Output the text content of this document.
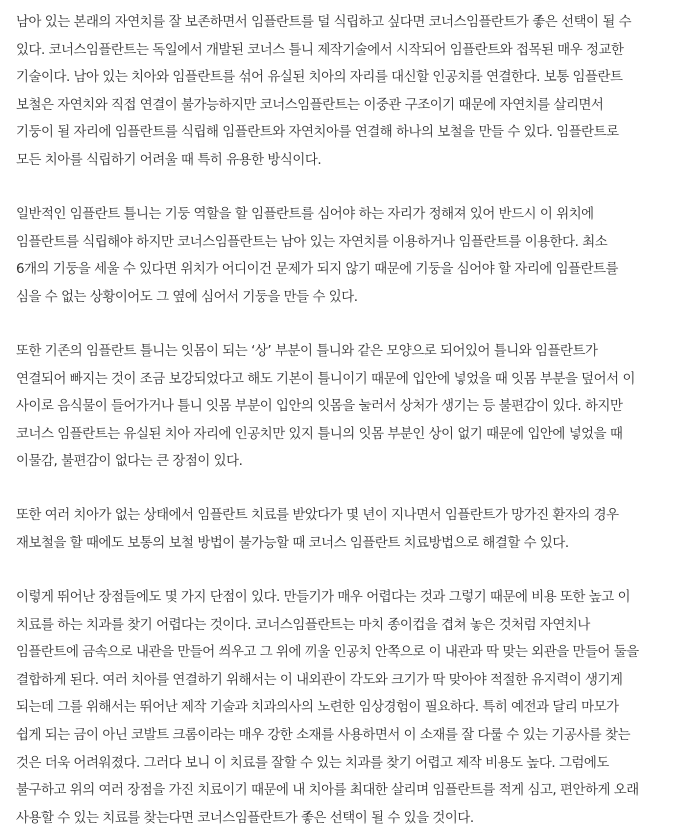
남아 있는 본래의 자연치를 잘 보존하면서 임플란트를 덜 식립하고 싶다면 코너스임플란트가 좋은 선택이 될 수
있다. 코너스임플란트는 독일에서 개발된 코너스 틀니 제작기술에서 시작되어 임플란트와 접목된 매우 정교한
기술이다. 남아 있는 치아와 임플란트를 섞어 유실된 치아의 자리를 대신할 인공치를 연결한다. 보통 임플란트
보철은 자연치와 직접 연결이 불가능하지만 코너스임플란트는 이중관 구조이기 때문에 자연치를 살리면서
기둥이 될 자리에 임플란트를 식립해 임플란트와 자연치아를 연결해 하나의 보철을 만들 수 있다. 임플란트로
모든 치아를 식립하기 어려울 때 특히 유용한 방식이다.
일반적인 임플란트 틀니는 기둥 역할을 할 임플란트를 심어야 하는 자리가 정해져 있어 반드시 이 위치에
임플란트를 식립해야 하지만 코너스임플란트는 남아 있는 자연치를 이용하거나 임플란트를 이용한다. 최소
6개의 기둥을 세울 수 있다면 위치가 어디이건 문제가 되지 않기 때문에 기둥을 심어야 할 자리에 임플란트를
심을 수 없는 상황이어도 그 옆에 심어서 기둥을 만들 수 있다.
또한 기존의 임플란트 틀니는 잇몸이 되는 ‘상’ 부분이 틀니와 같은 모양으로 되어있어 틀니와 임플란트가
연결되어 빠지는 것이 조금 보강되었다고 해도 기본이 틀니이기 때문에 입안에 넣었을 때 잇몸 부분을 덮어서 이
사이로 음식물이 들어가거나 틀니 잇몸 부분이 입안의 잇몸을 눌러서 상처가 생기는 등 불편감이 있다. 하지만
코너스 임플란트는 유실된 치아 자리에 인공치만 있지 틀니의 잇몸 부분인 상이 없기 때문에 입안에 넣었을 때
이물감, 불편감이 없다는 큰 장점이 있다.
또한 여러 치아가 없는 상태에서 임플란트 치료를 받았다가 몇 년이 지나면서 임플란트가 망가진 환자의 경우
재보철을 할 때에도 보통의 보철 방법이 불가능할 때 코너스 임플란트 치료방법으로 해결할 수 있다.
이렇게 뛰어난 장점들에도 몇 가지 단점이 있다. 만들기가 매우 어렵다는 것과 그렇기 때문에 비용 또한 높고 이
치료를 하는 치과를 찾기 어렵다는 것이다. 코너스임플란트는 마치 종이컵을 겹쳐 놓은 것처럼 자연치나
임플란트에 금속으로 내관을 만들어 씌우고 그 위에 끼울 인공치 안쪽으로 이 내관과 딱 맞는 외관을 만들어 둘을
결합하게 된다. 여러 치아를 연결하기 위해서는 이 내외관이 각도와 크기가 딱 맞아야 적절한 유지력이 생기게
되는데 그를 위해서는 뛰어난 제작 기술과 치과의사의 노련한 임상경험이 필요하다. 특히 예전과 달리 마모가
쉽게 되는 금이 아닌 코발트 크롬이라는 매우 강한 소재를 사용하면서 이 소재를 잘 다룰 수 있는 기공사를 찾는
것은 더욱 어려워졌다. 그러다 보니 이 치료를 잘할 수 있는 치과를 찾기 어렵고 제작 비용도 높다. 그럼에도
불구하고 위의 여러 장점을 가진 치료이기 때문에 내 치아를 최대한 살리며 임플란트를 적게 심고, 편안하게 오래
사용할 수 있는 치료를 찾는다면 코너스임플란트가 좋은 선택이 될 수 있을 것이다.
